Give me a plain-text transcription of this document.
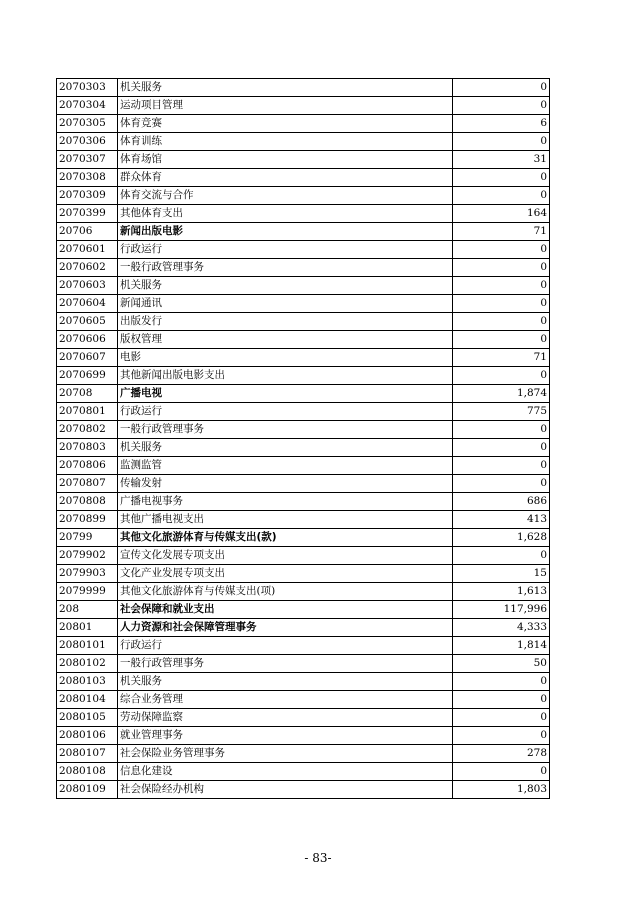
2070303	机关服务	0
2070304	运动项目管理	0
2070305	体育竞赛	6
2070306	体育训练	0
2070307	体育场馆	31
2070308	群众体育	0
2070309	体育交流与合作	0
2070399	其他体育支出	164
20706	新闻出版电影	71
2070601	行政运行	0
2070602	一般行政管理事务	0
2070603	机关服务	0
2070604	新闻通讯	0
2070605	出版发行	0
2070606	版权管理	0
2070607	电影	71
2070699	其他新闻出版电影支出	0
20708	广播电视	1,874
2070801	行政运行	775
2070802	一般行政管理事务	0
2070803	机关服务	0
2070806	监测监管	0
2070807	传输发射	0
2070808	广播电视事务	686
2070899	其他广播电视支出	413
20799	其他文化旅游体育与传媒支出(款)	1,628
2079902	宣传文化发展专项支出	0
2079903	文化产业发展专项支出	15
2079999	其他文化旅游体育与传媒支出(项)	1,613
208	社会保障和就业支出	117,996
20801	人力资源和社会保障管理事务	4,333
2080101	行政运行	1,814
2080102	一般行政管理事务	50
2080103	机关服务	0
2080104	综合业务管理	0
2080105	劳动保障监察	0
2080106	就业管理事务	0
2080107	社会保险业务管理事务	278
2080108	信息化建设	0
2080109	社会保险经办机构	1,803
- 83-
